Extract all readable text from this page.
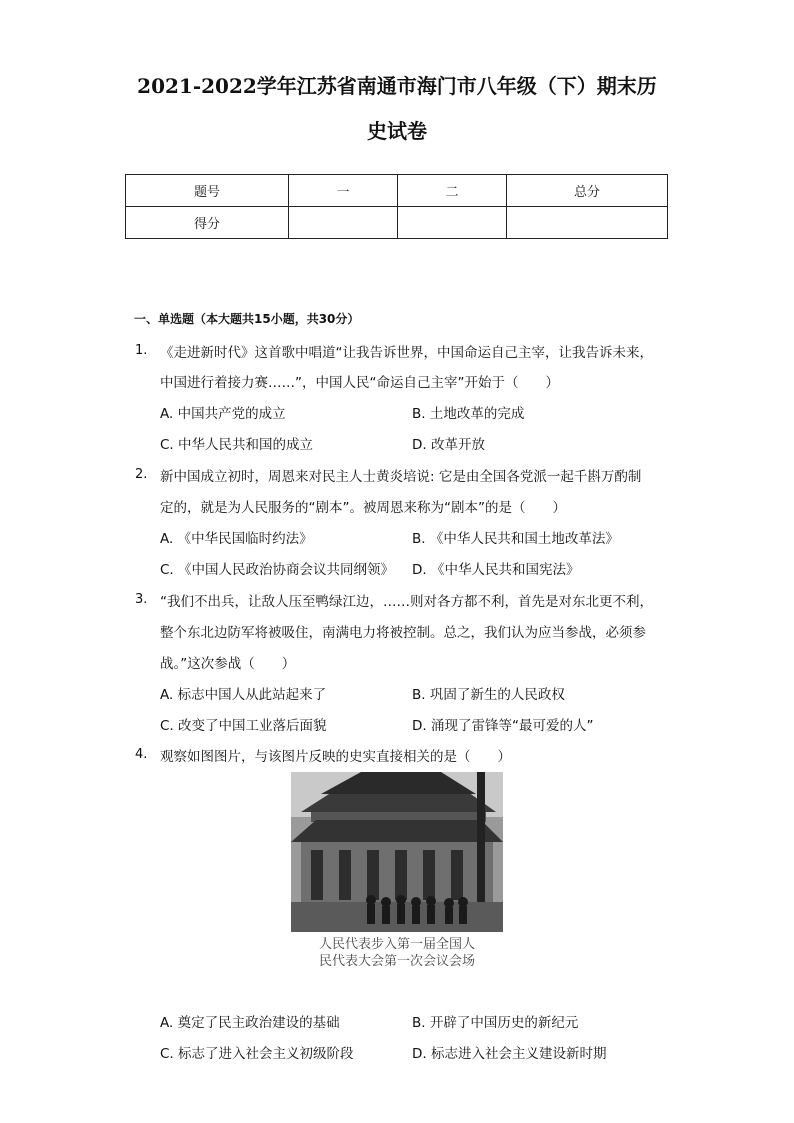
2021-2022学年江苏省南通市海门市八年级（下）期末历
史试卷
题号	一	二	总分
得分			
一、单选题（本大题共15小题，共30分）
1. 《走进新时代》这首歌中唱道“让我告诉世界，中国命运自己主宰，让我告诉未来，
中国进行着接力赛……”，中国人民“命运自己主宰”开始于（　　）
A. 中国共产党的成立	B. 土地改革的完成
C. 中华人民共和国的成立	D. 改革开放
2. 新中国成立初时，周恩来对民主人士黄炎培说: 它是由全国各党派一起千斟万酌制
定的，就是为人民服务的“剧本”。被周恩来称为“剧本”的是（　　）
A. 《中华民国临时约法》	B. 《中华人民共和国土地改革法》
C. 《中国人民政治协商会议共同纲领》 D. 《中华人民共和国宪法》
3. “我们不出兵，让敌人压至鸭绿江边，……则对各方都不利，首先是对东北更不利，
整个东北边防军将被吸住，南满电力将被控制。总之，我们认为应当参战，必须参
战。”这次参战（　　）
A. 标志中国人从此站起来了	B. 巩固了新生的人民政权
C. 改变了中国工业落后面貌	D. 涌现了雷锋等“最可爱的人”
4. 观察如图图片，与该图片反映的史实直接相关的是（　　）
人民代表步入第一届全国人
民代表大会第一次会议会场
A. 奠定了民主政治建设的基础	B. 开辟了中国历史的新纪元
C. 标志了进入社会主义初级阶段	D. 标志进入社会主义建设新时期
